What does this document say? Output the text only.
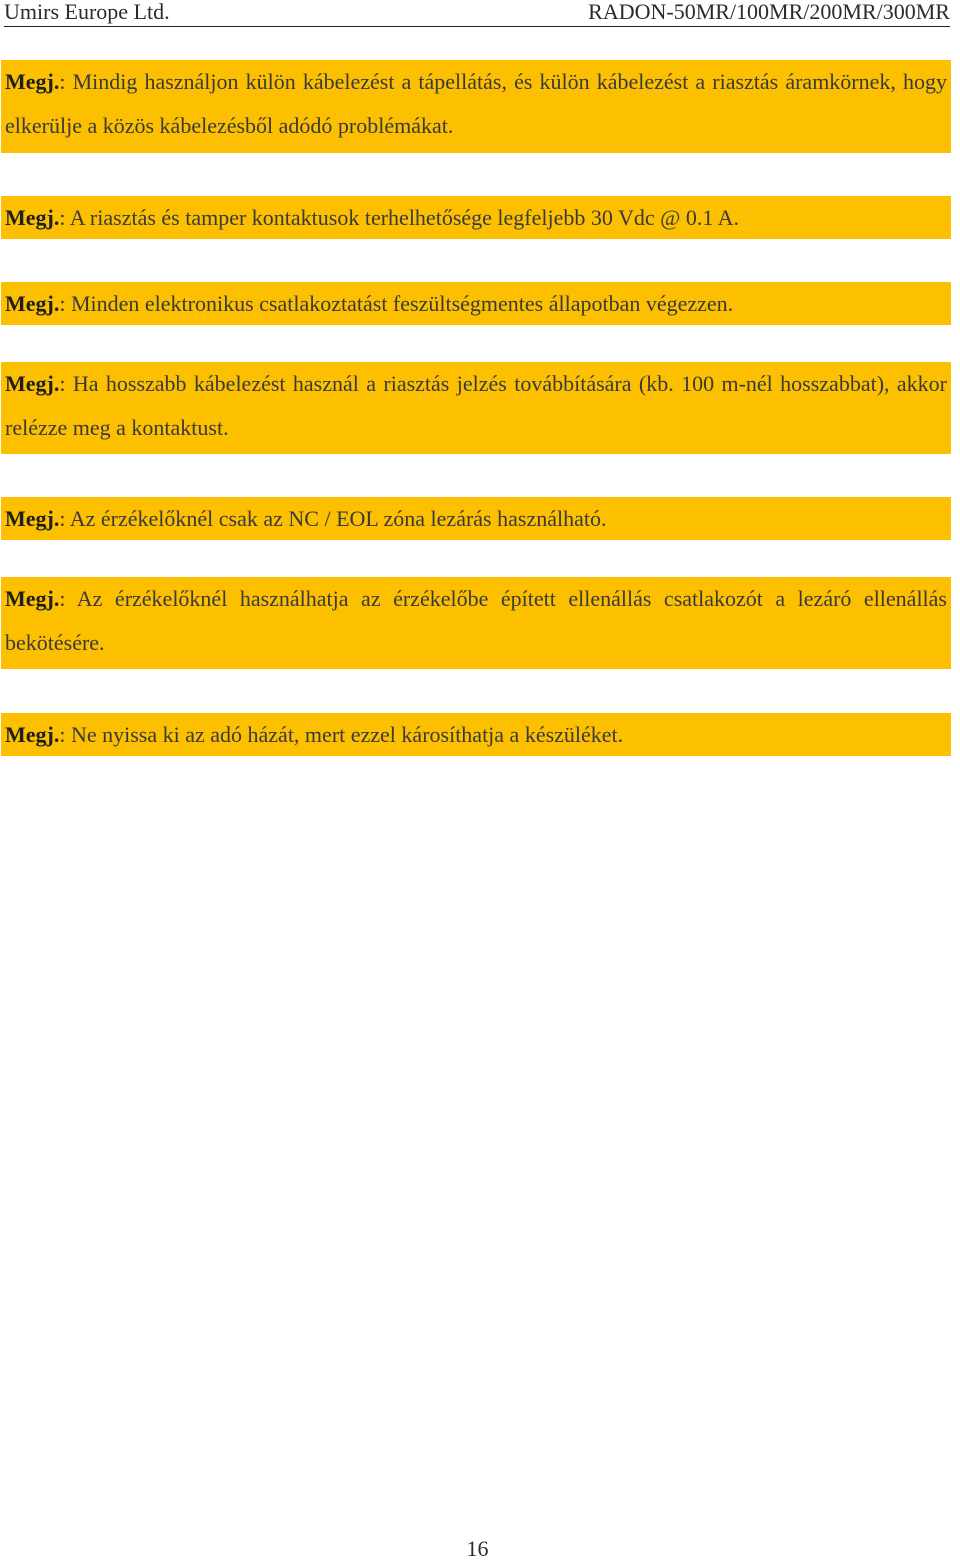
Umirs Europe Ltd.	RADON-50MR/100MR/200MR/300MR

Megj.: Mindig használjon külön kábelezést a tápellátás, és külön kábelezést a riasztás áramkörnek, hogy elkerülje a közös kábelezésből adódó problémákat.

Megj.: A riasztás és tamper kontaktusok terhelhetősége legfeljebb 30 Vdc @ 0.1 A.

Megj.: Minden elektronikus csatlakoztatást feszültségmentes állapotban végezzen.

Megj.: Ha hosszabb kábelezést használ a riasztás jelzés továbbítására (kb. 100 m-nél hosszabbat), akkor relézze meg a kontaktust.

Megj.: Az érzékelőknél csak az NC / EOL zóna lezárás használható.

Megj.: Az érzékelőknél használhatja az érzékelőbe épített ellenállás csatlakozót a lezáró ellenállás bekötésére.

Megj.: Ne nyissa ki az adó házát, mert ezzel károsíthatja a készüléket.

16
